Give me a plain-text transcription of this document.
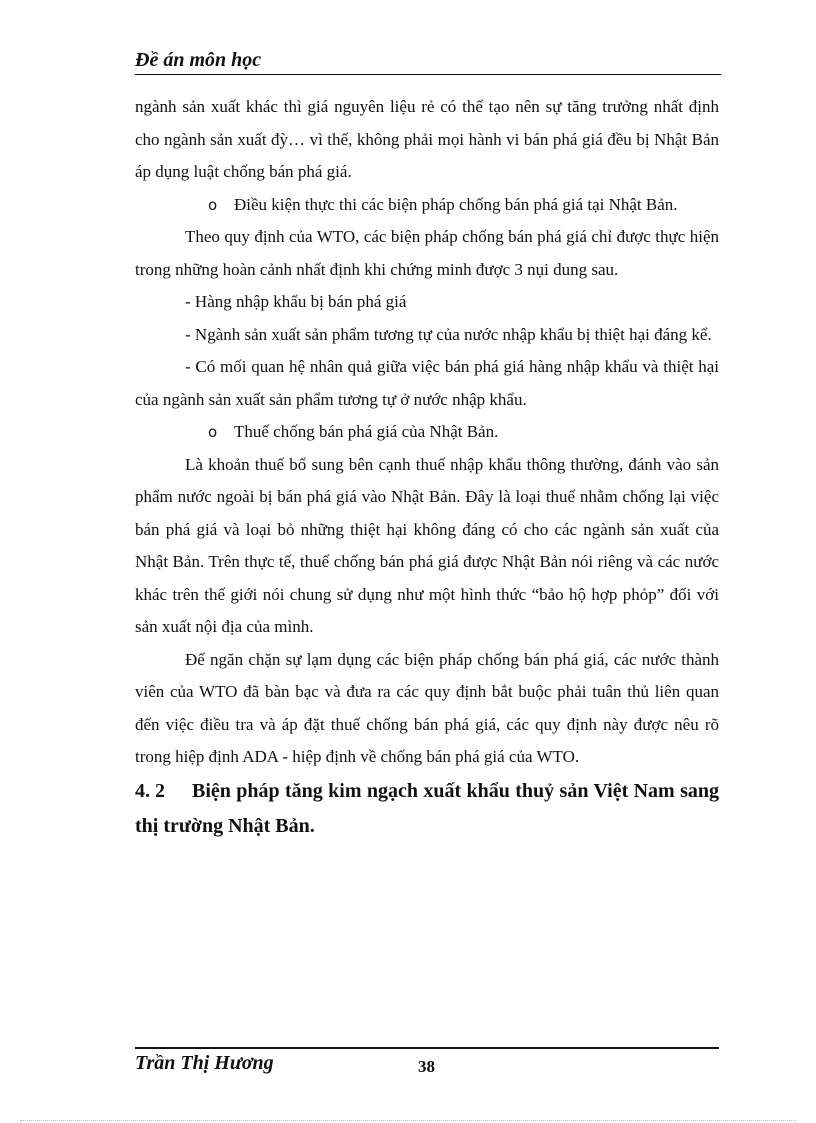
Đề án môn học

ngành sản xuất khác thì giá nguyên liệu rẻ có thể tạo nên sự tăng trưởng nhất định cho ngành sản xuất đỳ… vì thế, không phải mọi hành vi bán phá giá đều bị Nhật Bản áp dụng luật chống bán phá giá.

o Điều kiện thực thi các biện pháp chống bán phá giá tại Nhật Bản.

Theo quy định của WTO, các biện pháp chống bán phá giá chỉ được thực hiện trong những hoàn cảnh nhất định khi chứng minh được 3 nụi dung sau.

- Hàng nhập khẩu bị bán phá giá

- Ngành sản xuất sản phẩm tương tự của nước nhập khẩu bị thiệt hại đáng kể.

- Có mối quan hệ nhân quả giữa việc bán phá giá hàng nhập khẩu và thiệt hại của ngành sản xuất sản phẩm tương tự ở nước nhập khẩu.

o Thuế chống bán phá giá của Nhật Bản.

Là khoản thuế bổ sung bên cạnh thuế nhập khẩu thông thường, đánh vào sản phẩm nước ngoài bị bán phá giá vào Nhật Bản. Đây là loại thuế nhằm chống lại việc bán phá giá và loại bỏ những thiệt hại không đáng có cho các ngành sản xuất của Nhật Bản. Trên thực tế, thuế chống bán phá giá được Nhật Bản nói riêng và các nước khác trên thế giới nói chung sử dụng như một hình thức “bảo hộ hợp phỏp” đối với sản xuất nội địa của mình.

Để ngăn chặn sự lạm dụng các biện pháp chống bán phá giá, các nước thành viên của WTO đã bàn bạc và đưa ra các quy định bắt buộc phải tuân thủ liên quan đến việc điều tra và áp đặt thuế chống bán phá giá, các quy định này được nêu rõ trong hiệp định ADA - hiệp định về chống bán phá giá của WTO.

4. 2 Biện pháp tăng kim ngạch xuất khẩu thuỷ sản Việt Nam sang thị trường Nhật Bản.

Trần Thị Hương	38
